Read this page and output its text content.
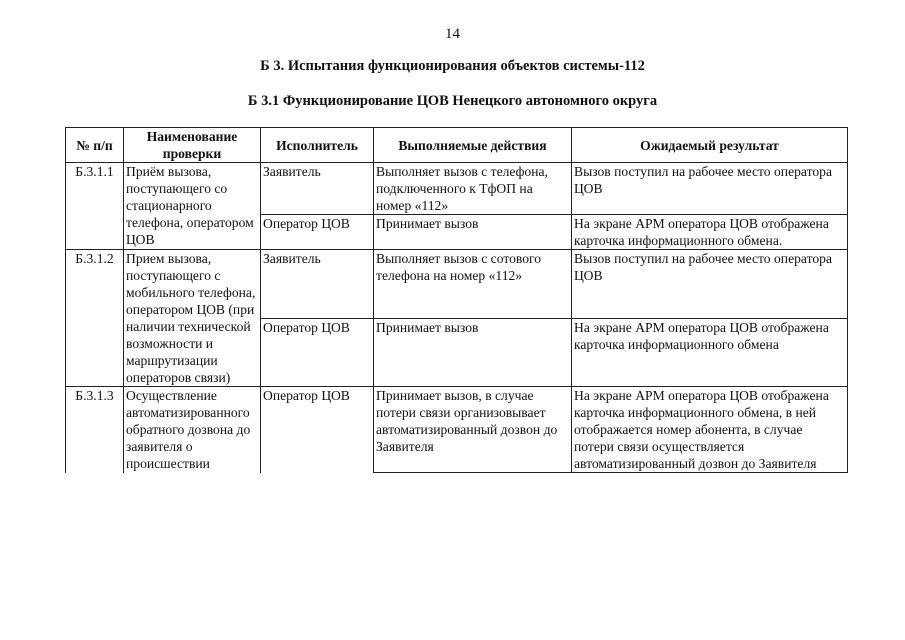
14
Б 3. Испытания функционирования объектов системы-112
Б 3.1 Функционирование ЦОВ Ненецкого автономного округа
№ п/п	Наименование проверки	Исполнитель	Выполняемые действия	Ожидаемый результат
Б.3.1.1	Приём вызова, поступающего со стационарного телефона, оператором ЦОВ	Заявитель	Выполняет вызов с телефона, подключенного к ТфОП на номер «112»	Вызов поступил на рабочее место оператора ЦОВ
		Оператор ЦОВ	Принимает вызов	На экране АРМ оператора ЦОВ отображена карточка информационного обмена.
Б.3.1.2	Прием вызова, поступающего с мобильного телефона, оператором ЦОВ (при наличии технической возможности и маршрутизации операторов связи)	Заявитель	Выполняет вызов с сотового телефона на номер «112»	Вызов поступил на рабочее место оператора ЦОВ
		Оператор ЦОВ	Принимает вызов	На экране АРМ оператора ЦОВ отображена карточка информационного обмена
Б.3.1.3	Осуществление автоматизированного обратного дозвона до заявителя о происшествии	Оператор ЦОВ	Принимает вызов, в случае потери связи организовывает автоматизированный дозвон до Заявителя	На экране АРМ оператора ЦОВ отображена карточка информационного обмена, в ней отображается номер абонента, в случае потери связи осуществляется автоматизированный дозвон до Заявителя
